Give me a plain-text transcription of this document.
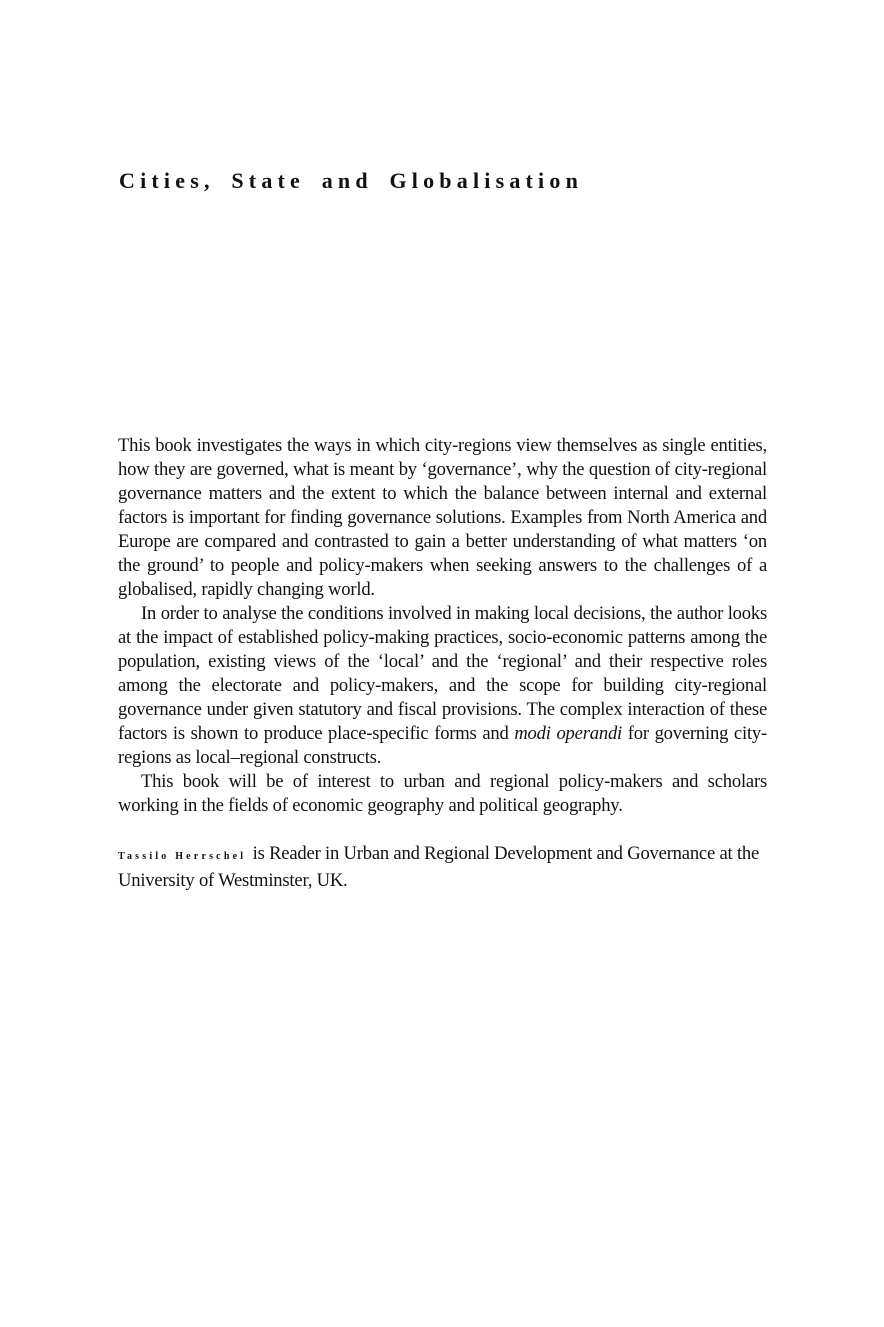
Cities, State and Globalisation

This book investigates the ways in which city-regions view themselves as single entities, how they are governed, what is meant by ‘governance’, why the question of city-regional governance matters and the extent to which the balance between internal and external factors is important for finding governance solutions. Examples from North America and Europe are compared and contrasted to gain a better understanding of what matters ‘on the ground’ to people and policy-makers when seeking answers to the challenges of a globalised, rapidly changing world.

In order to analyse the conditions involved in making local decisions, the author looks at the impact of established policy-making practices, socio-economic patterns among the population, existing views of the ‘local’ and the ‘regional’ and their respective roles among the electorate and policy-makers, and the scope for building city-regional governance under given statutory and fiscal provisions. The complex interaction of these factors is shown to produce place-specific forms and modi operandi for governing city-regions as local–regional constructs.

This book will be of interest to urban and regional policy-makers and scholars working in the fields of economic geography and political geography.

Tassilo Herrschel is Reader in Urban and Regional Development and Governance at the University of Westminster, UK.
